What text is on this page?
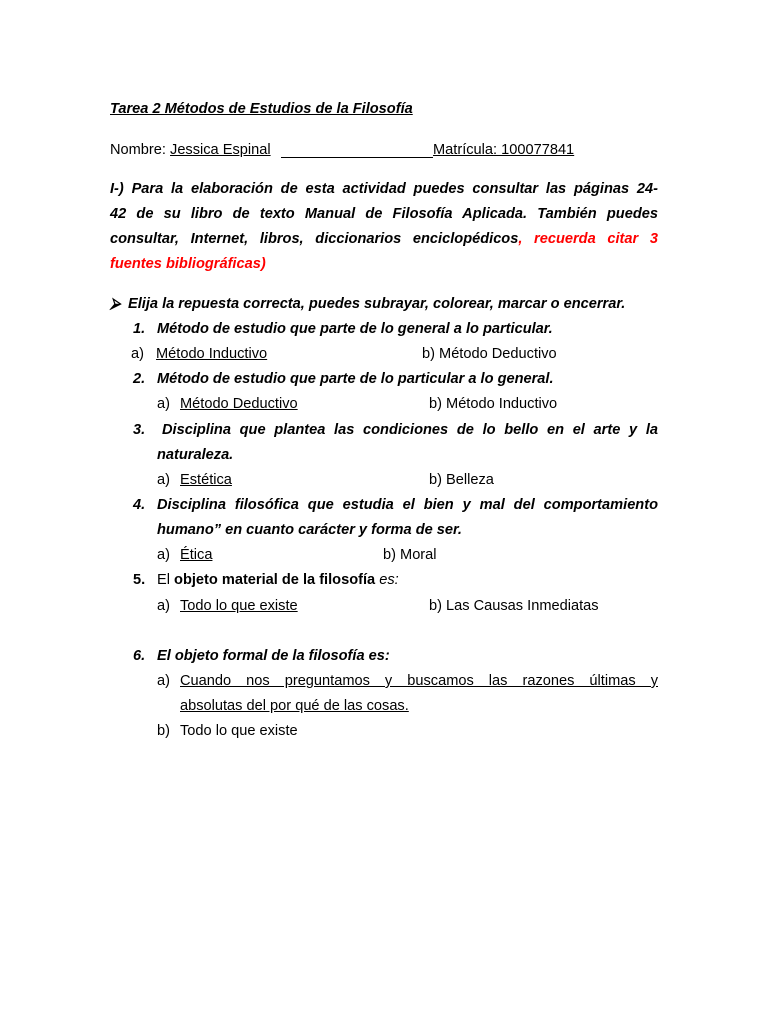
Tarea 2 Métodos de Estudios de la Filosofía
Nombre: Jessica Espinal	Matrícula: 100077841
I-) Para la elaboración de esta actividad puedes consultar las páginas 24-
42 de su libro de texto Manual de Filosofía Aplicada. También puedes
consultar, Internet, libros, diccionarios enciclopédicos, recuerda citar 3
fuentes bibliográficas)
⮚ Elija la repuesta correcta, puedes subrayar, colorear, marcar o encerrar.
1. Método de estudio que parte de lo general a lo particular.
a) Método Inductivo	b) Método Deductivo
2. Método de estudio que parte de lo particular a lo general.
a) Método Deductivo	b) Método Inductivo
3. Disciplina que plantea las condiciones de lo bello en el arte y la
naturaleza.
a) Estética	b) Belleza
4. Disciplina filosófica que estudia el bien y mal del comportamiento
humano” en cuanto carácter y forma de ser.
a) Ética	b) Moral
5. El objeto material de la filosofía es:
a) Todo lo que existe	b) Las Causas Inmediatas
6. El objeto formal de la filosofía es:
a) Cuando nos preguntamos y buscamos las razones últimas y
absolutas del por qué de las cosas.
b) Todo lo que existe
